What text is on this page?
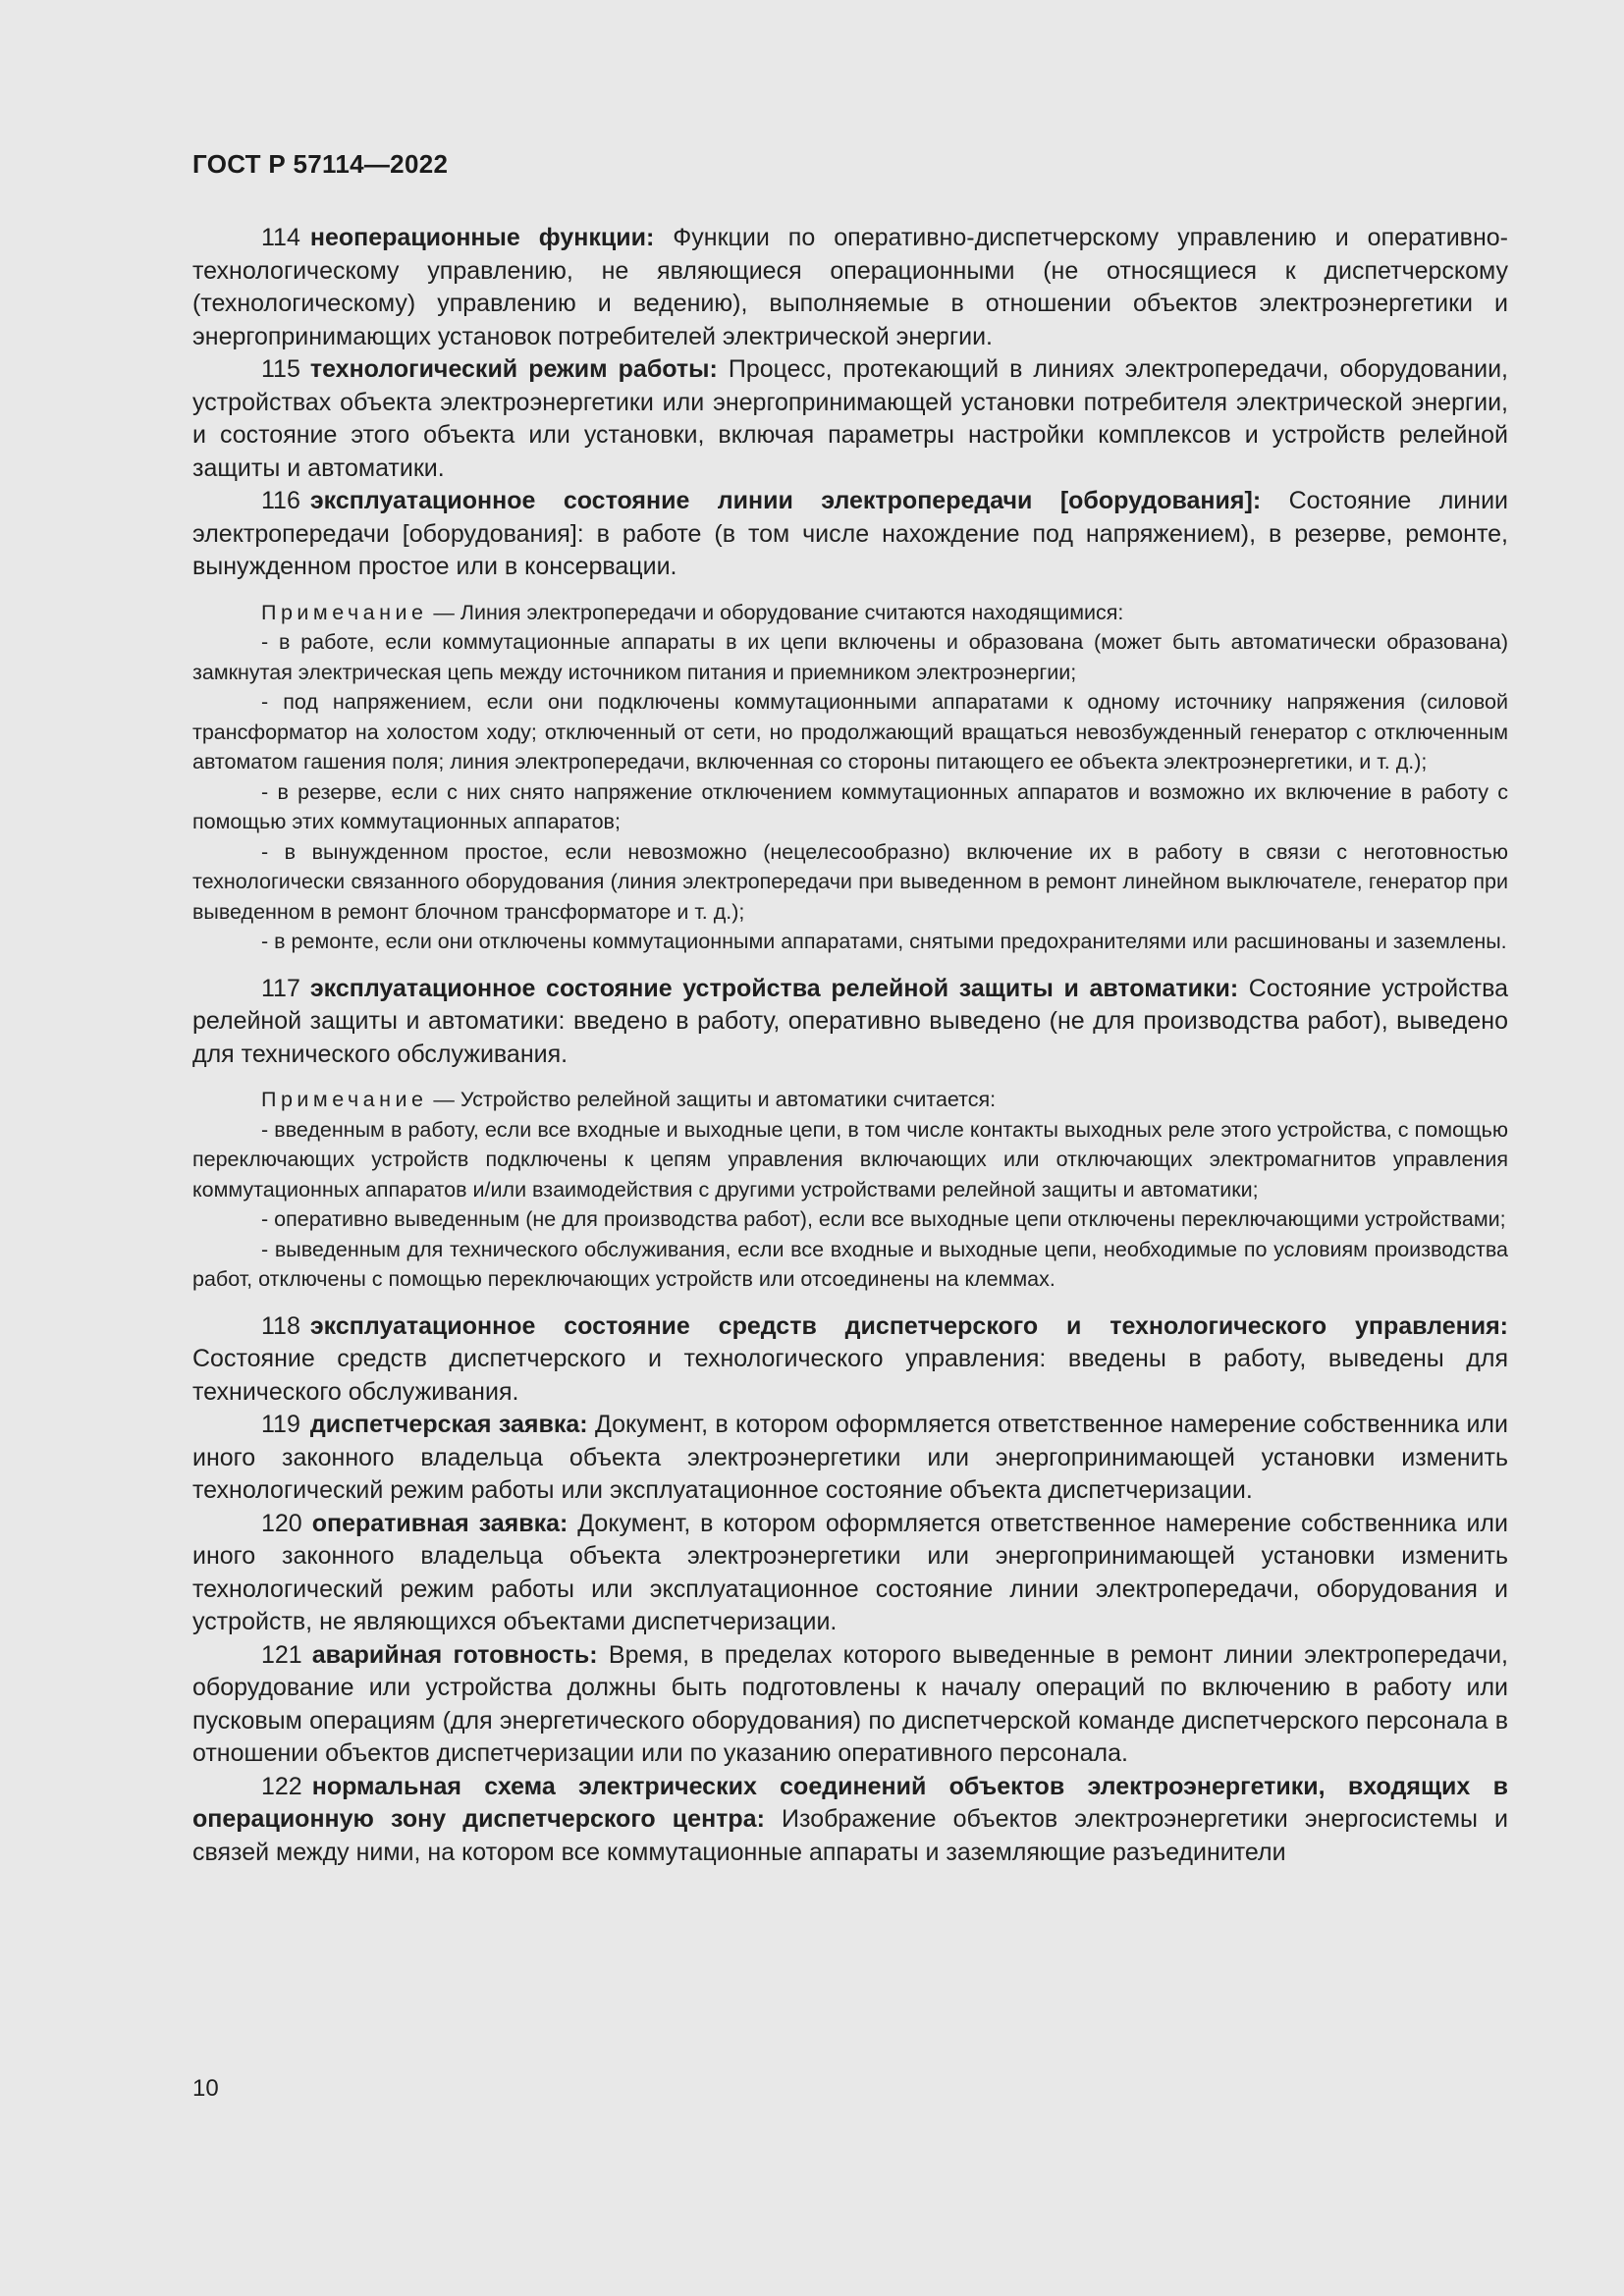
ГОСТ Р 57114—2022

114 неоперационные функции: Функции по оперативно-диспетчерскому управлению и оперативно-технологическому управлению, не являющиеся операционными (не относящиеся к диспетчерскому (технологическому) управлению и ведению), выполняемые в отношении объектов электроэнергетики и энергопринимающих установок потребителей электрической энергии.

115 технологический режим работы: Процесс, протекающий в линиях электропередачи, оборудовании, устройствах объекта электроэнергетики или энергопринимающей установки потребителя электрической энергии, и состояние этого объекта или установки, включая параметры настройки комплексов и устройств релейной защиты и автоматики.

116 эксплуатационное состояние линии электропередачи [оборудования]: Состояние линии электропередачи [оборудования]: в работе (в том числе нахождение под напряжением), в резерве, ремонте, вынужденном простое или в консервации.

Примечание — Линия электропередачи и оборудование считаются находящимися:

- в работе, если коммутационные аппараты в их цепи включены и образована (может быть автоматически образована) замкнутая электрическая цепь между источником питания и приемником электроэнергии;

- под напряжением, если они подключены коммутационными аппаратами к одному источнику напряжения (силовой трансформатор на холостом ходу; отключенный от сети, но продолжающий вращаться невозбужденный генератор с отключенным автоматом гашения поля; линия электропередачи, включенная со стороны питающего ее объекта электроэнергетики, и т. д.);

- в резерве, если с них снято напряжение отключением коммутационных аппаратов и возможно их включение в работу с помощью этих коммутационных аппаратов;

- в вынужденном простое, если невозможно (нецелесообразно) включение их в работу в связи с неготовностью технологически связанного оборудования (линия электропередачи при выведенном в ремонт линейном выключателе, генератор при выведенном в ремонт блочном трансформаторе и т. д.);

- в ремонте, если они отключены коммутационными аппаратами, снятыми предохранителями или расшинованы и заземлены.

117 эксплуатационное состояние устройства релейной защиты и автоматики: Состояние устройства релейной защиты и автоматики: введено в работу, оперативно выведено (не для производства работ), выведено для технического обслуживания.

Примечание — Устройство релейной защиты и автоматики считается:

- введенным в работу, если все входные и выходные цепи, в том числе контакты выходных реле этого устройства, с помощью переключающих устройств подключены к цепям управления включающих или отключающих электромагнитов управления коммутационных аппаратов и/или взаимодействия с другими устройствами релейной защиты и автоматики;

- оперативно выведенным (не для производства работ), если все выходные цепи отключены переключающими устройствами;

- выведенным для технического обслуживания, если все входные и выходные цепи, необходимые по условиям производства работ, отключены с помощью переключающих устройств или отсоединены на клеммах.

118 эксплуатационное состояние средств диспетчерского и технологического управления: Состояние средств диспетчерского и технологического управления: введены в работу, выведены для технического обслуживания.

119 диспетчерская заявка: Документ, в котором оформляется ответственное намерение собственника или иного законного владельца объекта электроэнергетики или энергопринимающей установки изменить технологический режим работы или эксплуатационное состояние объекта диспетчеризации.

120 оперативная заявка: Документ, в котором оформляется ответственное намерение собственника или иного законного владельца объекта электроэнергетики или энергопринимающей установки изменить технологический режим работы или эксплуатационное состояние линии электропередачи, оборудования и устройств, не являющихся объектами диспетчеризации.

121 аварийная готовность: Время, в пределах которого выведенные в ремонт линии электропередачи, оборудование или устройства должны быть подготовлены к началу операций по включению в работу или пусковым операциям (для энергетического оборудования) по диспетчерской команде диспетчерского персонала в отношении объектов диспетчеризации или по указанию оперативного персонала.

122 нормальная схема электрических соединений объектов электроэнергетики, входящих в операционную зону диспетчерского центра: Изображение объектов электроэнергетики энергосистемы и связей между ними, на котором все коммутационные аппараты и заземляющие разъединители

10
